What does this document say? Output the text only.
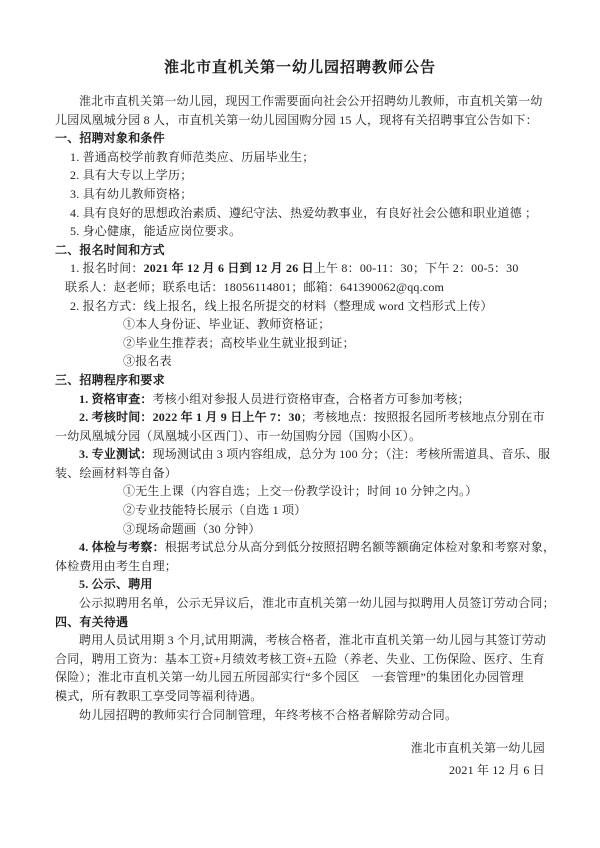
淮北市直机关第一幼儿园招聘教师公告
淮北市直机关第一幼儿园，现因工作需要面向社会公开招聘幼儿教师，市直机关第一幼
儿园凤凰城分园 8 人，市直机关第一幼儿园国购分园 15 人，现将有关招聘事宜公告如下：
一、招聘对象和条件
1. 普通高校学前教育师范类应、历届毕业生；
2. 具有大专以上学历；
3. 具有幼儿教师资格；
4. 具有良好的思想政治素质、遵纪守法、热爱幼教事业，有良好社会公德和职业道德 ；
5. 身心健康，能适应岗位要求。
二、报名时间和方式
1. 报名时间：2021 年 12 月 6 日到 12 月 26 日上午 8：00-11：30；下午 2：00-5：30
联系人：赵老师；联系电话：18056114801；邮箱：641390062@qq.com
2. 报名方式：线上报名，线上报名所提交的材料（整理成 word 文档形式上传）
①本人身份证、毕业证、教师资格证；
②毕业生推荐表；高校毕业生就业报到证；
③报名表
三、招聘程序和要求
1. 资格审查：考核小组对参报人员进行资格审查，合格者方可参加考核；
2. 考核时间：2022 年 1 月 9 日上午 7：30；考核地点：按照报名园所考核地点分别在市
一幼凤凰城分园（凤凰城小区西门）、市一幼国购分园（国购小区）。
3. 专业测试：现场测试由 3 项内容组成，总分为 100 分；（注：考核所需道具、音乐、服
装、绘画材料等自备）
①无生上课（内容自选；上交一份教学设计；时间 10 分钟之内。）
②专业技能特长展示（自选 1 项）
③现场命题画（30 分钟）
4. 体检与考察：根据考试总分从高分到低分按照招聘名额等额确定体检对象和考察对象，
体检费用由考生自理；
5. 公示、聘用
公示拟聘用名单，公示无异议后，淮北市直机关第一幼儿园与拟聘用人员签订劳动合同；
四、有关待遇
聘用人员试用期 3 个月,试用期满，考核合格者，淮北市直机关第一幼儿园与其签订劳动
合同，聘用工资为：基本工资+月绩效考核工资+五险（养老、失业、工伤保险、医疗、生育
保险）；淮北市直机关第一幼儿园五所园部实行“多个园区　一套管理”的集团化办园管理
模式，所有教职工享受同等福利待遇。
幼儿园招聘的教师实行合同制管理，年终考核不合格者解除劳动合同。
淮北市直机关第一幼儿园
2021 年 12 月 6 日
